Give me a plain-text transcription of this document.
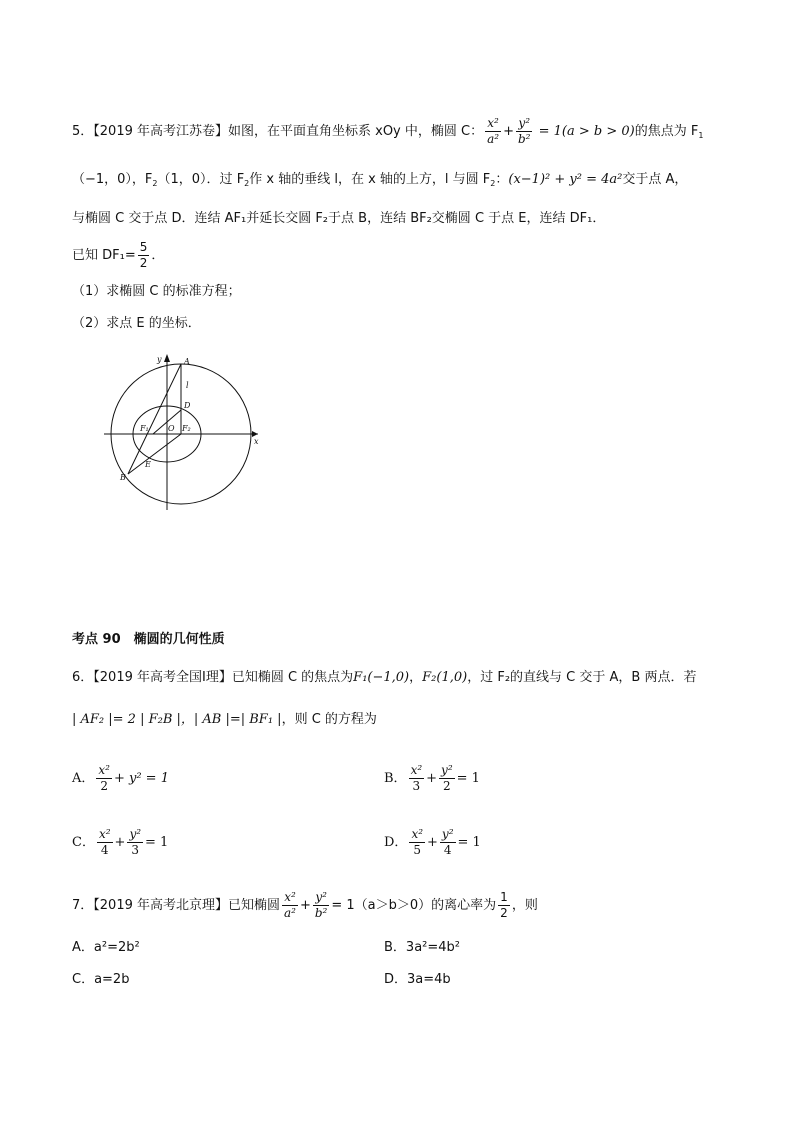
5．【2019 年高考江苏卷】如图，在平面直角坐标系 xOy 中，椭圆 C： $\frac{\text{x²}}{\text{a²}} + \frac{\text{y²}}{\text{b²}} = 1(a > b > 0)$的焦点为 $F_1$
（−1，0），$F_2(1$，0）．过 $F_2$作 x 轴的垂线 l，在 x 轴的上方，l 与圆 $F_2$：(x−1)² + y² = 4a²交于点 A，
与椭圆 C 交于点 D．连结 AF₁并延长交圆 F₂于点 B，连结 BF₂交椭圆 C 于点 E，连结 DF₁．
已知 $DF_1= \frac{5}{2}$ ．
（1）求椭圆 C 的标准方程；
（2）求点 E 的坐标．
y
x
A
l
D
F₁ O F₂
E
B
考点 90　椭圆的几何性质
6．【2019 年高考全国Ⅰ理】已知椭圆 C 的焦点为F₁(−1,0)，F₂(1,0)，过 F₂的直线与 C 交于 A，B 两点．若
| AF₂ |= 2 | F₂B |，| AB |=| BF₁ |，则 C 的方程为
A． $\frac{\text{x²}}{2} + y^2 = 1$	B． $\frac{\text{x²}}{3} + \frac{\text{y²}}{2} = 1$
C． $\frac{\text{x²}}{4} + \frac{\text{y²}}{3} = 1$	D． $\frac{\text{x²}}{5} + \frac{\text{y²}}{4} = 1$
7．【2019 年高考北京理】已知椭圆 $\frac{\text{x²}}{\text{a²}} + \frac{\text{y²}}{\text{b²}} = 1(a>b>0)$的离心率为 $\frac{1}{2}$ ，则
A．a²=2b²	B．3a²=4b²
C．a=2b	D．3a=4b
